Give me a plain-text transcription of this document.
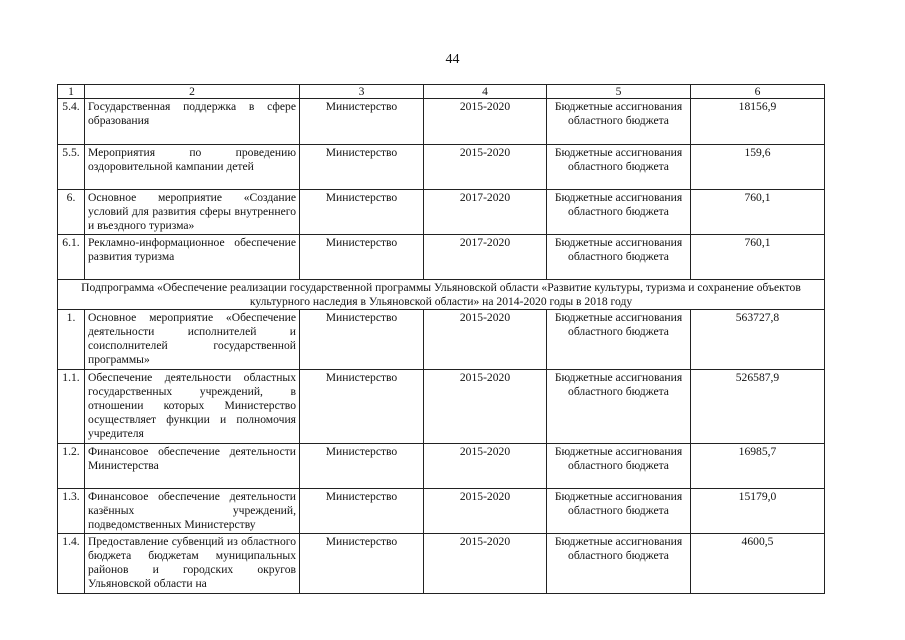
44
1	2	3	4	5	6
5.4.	Государственная поддержка в сфере образования	Министерство	2015-2020	Бюджетные ассигнования областного бюджета	18156,9
5.5.	Мероприятия по проведению оздоровительной кампании детей	Министерство	2015-2020	Бюджетные ассигнования областного бюджета	159,6
6.	Основное мероприятие «Создание условий для развития сферы внутреннего и въездного туризма»	Министерство	2017-2020	Бюджетные ассигнования областного бюджета	760,1
6.1.	Рекламно-информационное обеспечение развития туризма	Министерство	2017-2020	Бюджетные ассигнования областного бюджета	760,1
Подпрограмма «Обеспечение реализации государственной программы Ульяновской области «Развитие культуры, туризма и сохранение объектов культурного наследия в Ульяновской области» на 2014-2020 годы в 2018 году					
1.	Основное мероприятие «Обеспечение деятельности исполнителей и соисполнителей государственной программы»	Министерство	2015-2020	Бюджетные ассигнования областного бюджета	563727,8
1.1.	Обеспечение деятельности областных государственных учреждений, в отношении которых Министерство осуществляет функции и полномочия учредителя	Министерство	2015-2020	Бюджетные ассигнования областного бюджета	526587,9
1.2.	Финансовое обеспечение деятельности Министерства	Министерство	2015-2020	Бюджетные ассигнования областного бюджета	16985,7
1.3.	Финансовое обеспечение деятельности казённых учреждений, подведомственных Министерству	Министерство	2015-2020	Бюджетные ассигнования областного бюджета	15179,0
1.4.	Предоставление субвенций из областного бюджета бюджетам муниципальных районов и городских округов Ульяновской области на	Министерство	2015-2020	Бюджетные ассигнования областного бюджета	4600,5
